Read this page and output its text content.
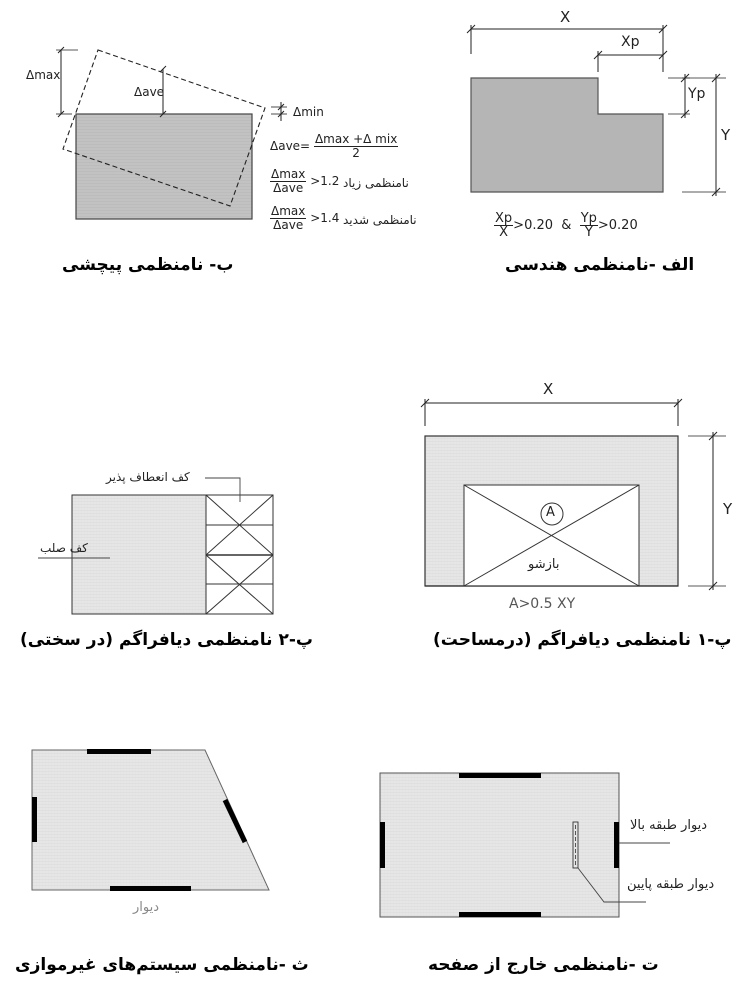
Δmax
Δave
Δmin
$\Delta ave= \frac{\text{Δmax +Δ mix}}{2}$
$\frac{\Delta\max}{\text{Δave}} >1.2$ نامنظمی زیاد
$\frac{\Delta\max}{\text{Δave}} >1.4$ نامنظمی شدید
ب- نامنظمی پیچشی
X
Xp
Yp
Y
$\frac{Xp}{X} >0.20$ & $\frac{Yp}{Y} >0.20$
الف -نامنظمی هندسی
کف انعطاف پذیر
کف صلب
پ-۲ نامنظمی دیافراگم (در سختی)
X
Y
A
بازشو
A>0.5 XY
پ-۱ نامنظمی دیافراگم (درمساحت)
دیوار
ث -نامنظمی سیستم‌های غیرموازی
دیوار طبقه بالا
دیوار طبقه پایین
ت -نامنظمی خارج از صفحه
